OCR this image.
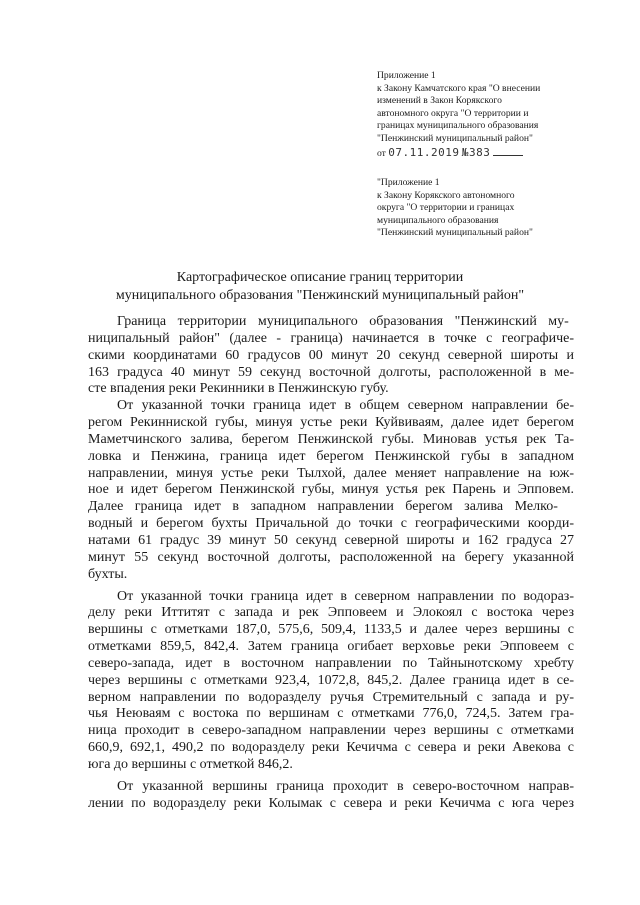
Приложение 1
к Закону Камчатского края "О внесении
изменений в Закон Корякского
автономного округа "О территории и
границах муниципального образования
"Пенжинский муниципальный район"
от 07.11.2019 №383
"Приложение 1
к Закону Корякского автономного
округа "О территории и границах
муниципального образования
"Пенжинский муниципальный район"
Картографическое описание границ территории
муниципального образования "Пенжинский муниципальный район"
Граница территории муниципального образования "Пенжинский му-
ниципальный район" (далее - граница) начинается в точке с географиче-
скими координатами 60 градусов 00 минут 20 секунд северной широты и
163 градуса 40 минут 59 секунд восточной долготы, расположенной в ме-
сте впадения реки Рекинники в Пенжинскую губу.
От указанной точки граница идет в общем северном направлении бе-
регом Рекинниской губы, минуя устье реки Куйвиваям, далее идет берегом
Маметчинского залива, берегом Пенжинской губы. Миновав устья рек Та-
ловка и Пенжина, граница идет берегом Пенжинской губы в западном
направлении, минуя устье реки Тылхой, далее меняет направление на юж-
ное и идет берегом Пенжинской губы, минуя устья рек Парень и Эпповем.
Далее граница идет в западном направлении берегом залива Мелко-
водный и берегом бухты Причальной до точки с географическими коорди-
натами 61 градус 39 минут 50 секунд северной широты и 162 градуса 27
минут 55 секунд восточной долготы, расположенной на берегу указанной
бухты.
От указанной точки граница идет в северном направлении по водораз-
делу реки Иттитят с запада и рек Эпповеем и Элокоял с востока через
вершины с отметками 187,0, 575,6, 509,4, 1133,5 и далее через вершины с
отметками 859,5, 842,4. Затем граница огибает верховье реки Эпповеем с
северо-запада, идет в восточном направлении по Тайнынотскому хребту
через вершины с отметками 923,4, 1072,8, 845,2. Далее граница идет в се-
верном направлении по водоразделу ручья Стремительный с запада и ру-
чья Неюваям с востока по вершинам с отметками 776,0, 724,5. Затем гра-
ница проходит в северо-западном направлении через вершины с отметками
660,9, 692,1, 490,2 по водоразделу реки Кечичма с севера и реки Авекова с
юга до вершины с отметкой 846,2.
От указанной вершины граница проходит в северо-восточном направ-
лении по водоразделу реки Колымак с севера и реки Кечичма с юга через
